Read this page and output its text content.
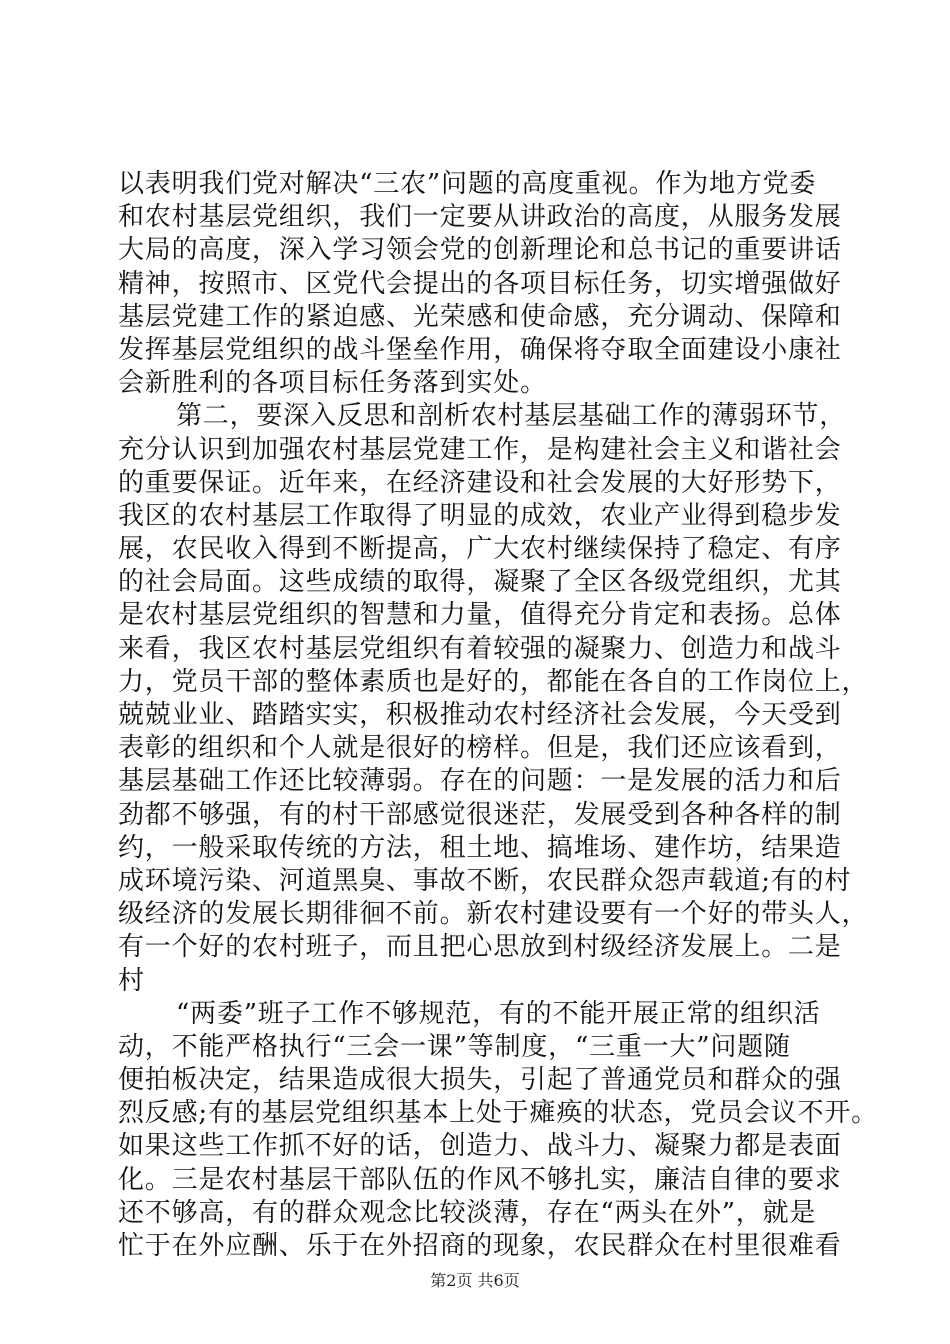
以表明我们党对解决“三农”问题的高度重视。作为地方党委
和农村基层党组织，我们一定要从讲政治的高度，从服务发展
大局的高度，深入学习领会党的创新理论和总书记的重要讲话
精神，按照市、区党代会提出的各项目标任务，切实增强做好
基层党建工作的紧迫感、光荣感和使命感，充分调动、保障和
发挥基层党组织的战斗堡垒作用，确保将夺取全面建设小康社
会新胜利的各项目标任务落到实处。
第二，要深入反思和剖析农村基层基础工作的薄弱环节，
充分认识到加强农村基层党建工作，是构建社会主义和谐社会
的重要保证。近年来，在经济建设和社会发展的大好形势下，
我区的农村基层工作取得了明显的成效，农业产业得到稳步发
展，农民收入得到不断提高，广大农村继续保持了稳定、有序
的社会局面。这些成绩的取得，凝聚了全区各级党组织，尤其
是农村基层党组织的智慧和力量，值得充分肯定和表扬。总体
来看，我区农村基层党组织有着较强的凝聚力、创造力和战斗
力，党员干部的整体素质也是好的，都能在各自的工作岗位上，
兢兢业业、踏踏实实，积极推动农村经济社会发展，今天受到
表彰的组织和个人就是很好的榜样。但是，我们还应该看到，
基层基础工作还比较薄弱。存在的问题：一是发展的活力和后
劲都不够强，有的村干部感觉很迷茫，发展受到各种各样的制
约，一般采取传统的方法，租土地、搞堆场、建作坊，结果造
成环境污染、河道黑臭、事故不断，农民群众怨声载道;有的村
级经济的发展长期徘徊不前。新农村建设要有一个好的带头人，
有一个好的农村班子，而且把心思放到村级经济发展上。二是
村
“两委”班子工作不够规范，有的不能开展正常的组织活
动，不能严格执行“三会一课”等制度，“三重一大”问题随
便拍板决定，结果造成很大损失，引起了普通党员和群众的强
烈反感;有的基层党组织基本上处于瘫痪的状态，党员会议不开。
如果这些工作抓不好的话，创造力、战斗力、凝聚力都是表面
化。三是农村基层干部队伍的作风不够扎实，廉洁自律的要求
还不够高，有的群众观念比较淡薄，存在“两头在外”，就是
忙于在外应酬、乐于在外招商的现象，农民群众在村里很难看
第2页 共6页
